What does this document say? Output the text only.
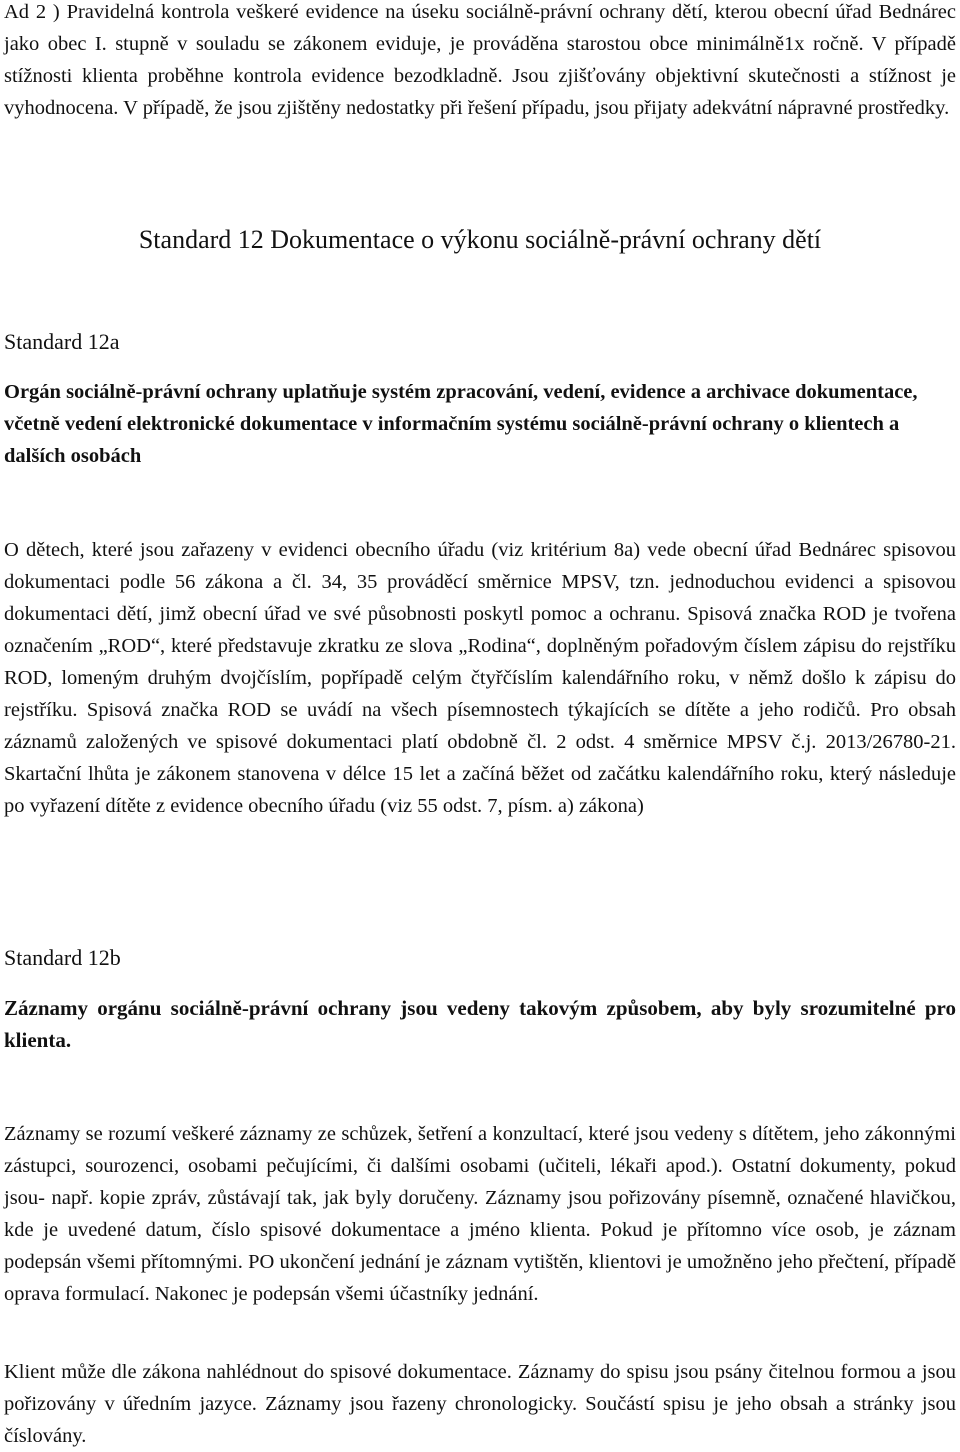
Ad 2 ) Pravidelná kontrola veškeré evidence na úseku sociálně-právní ochrany dětí, kterou obecní úřad Bednárec jako obec I. stupně v souladu se zákonem eviduje, je prováděna starostou obce minimálně1x ročně. V případě stížnosti klienta proběhne kontrola evidence bezodkladně. Jsou zjišťovány objektivní skutečnosti a stížnost je vyhodnocena. V případě, že jsou zjištěny nedostatky při řešení případu, jsou přijaty adekvátní nápravné prostředky.

Standard 12 Dokumentace o výkonu sociálně-právní ochrany dětí
Standard 12a

Orgán sociálně-právní ochrany uplatňuje systém zpracování, vedení, evidence a archivace dokumentace, včetně vedení elektronické dokumentace v informačním systému sociálně-právní ochrany o klientech a dalších osobách

O dětech, které jsou zařazeny v evidenci obecního úřadu (viz kritérium 8a) vede obecní úřad Bednárec spisovou dokumentaci podle 56 zákona a čl. 34, 35 prováděcí směrnice MPSV, tzn. jednoduchou evidenci a spisovou dokumentaci dětí, jimž obecní úřad ve své působnosti poskytl pomoc a ochranu. Spisová značka ROD je tvořena označením „ROD“, které představuje zkratku ze slova „Rodina“, doplněným pořadovým číslem zápisu do rejstříku ROD, lomeným druhým dvojčíslím, popřípadě celým čtyřčíslím kalendářního roku, v němž došlo k zápisu do rejstříku. Spisová značka ROD se uvádí na všech písemnostech týkajících se dítěte a jeho rodičů. Pro obsah záznamů založených ve spisové dokumentaci platí obdobně čl. 2 odst. 4 směrnice MPSV č.j. 2013/26780-21. Skartační lhůta je zákonem stanovena v délce 15 let a začíná běžet od začátku kalendářního roku, který následuje po vyřazení dítěte z evidence obecního úřadu (viz 55 odst. 7, písm. a) zákona)

Standard 12b

Záznamy orgánu sociálně-právní ochrany jsou vedeny takovým způsobem, aby byly srozumitelné pro klienta.

Záznamy se rozumí veškeré záznamy ze schůzek, šetření a konzultací, které jsou vedeny s dítětem, jeho zákonnými zástupci, sourozenci, osobami pečujícími, či dalšími osobami (učiteli, lékaři apod.). Ostatní dokumenty, pokud jsou- např. kopie zpráv, zůstávají tak, jak byly doručeny. Záznamy jsou pořizovány písemně, označené hlavičkou, kde je uvedené datum, číslo spisové dokumentace a jméno klienta. Pokud je přítomno více osob, je záznam podepsán všemi přítomnými. PO ukončení jednání je záznam vytištěn, klientovi je umožněno jeho přečtení, případě oprava formulací. Nakonec je podepsán všemi účastníky jednání.

Klient může dle zákona nahlédnout do spisové dokumentace. Záznamy do spisu jsou psány čitelnou formou a jsou pořizovány v úředním jazyce. Záznamy jsou řazeny chronologicky. Součástí spisu je jeho obsah a stránky jsou číslovány.
